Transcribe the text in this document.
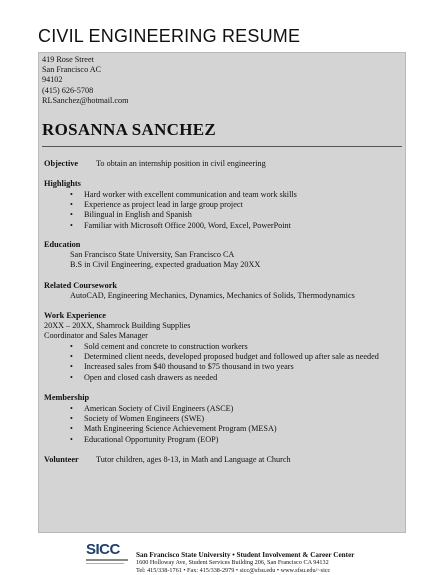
CIVIL ENGINEERING RESUME
419 Rose Street
San Francisco AC
94102
(415) 626-5708
RLSanchez@hotmail.com
ROSANNA SANCHEZ
Objective To obtain an internship position in civil engineering
Highlights
• Hard worker with excellent communication and team work skills
• Experience as project lead in large group project
• Bilingual in English and Spanish
• Familiar with Microsoft Office 2000, Word, Excel, PowerPoint
Education
San Francisco State University, San Francisco CA
B.S in Civil Engineering, expected graduation May 20XX
Related Coursework
AutoCAD, Engineering Mechanics, Dynamics, Mechanics of Solids, Thermodynamics
Work Experience
20XX – 20XX, Shamrock Building Supplies
Coordinator and Sales Manager
• Sold cement and concrete to construction workers
• Determined client needs, developed proposed budget and followed up after sale as needed
• Increased sales from $40 thousand to $75 thousand in two years
• Open and closed cash drawers as needed
Membership
• American Society of Civil Engineers (ASCE)
• Society of Women Engineers (SWE)
• Math Engineering Science Achievement Program (MESA)
• Educational Opportunity Program (EOP)
Volunteer Tutor children, ages 8-13, in Math and Language at Church
SICC San Francisco State University • Student Involvement & Career Center
1600 Holloway Ave, Student Services Building 206, San Francisco CA 94132
Tel: 415/338-1761 • Fax: 415/338-2979 • sicc@sfsu.edu • www.sfsu.edu/~sicc
